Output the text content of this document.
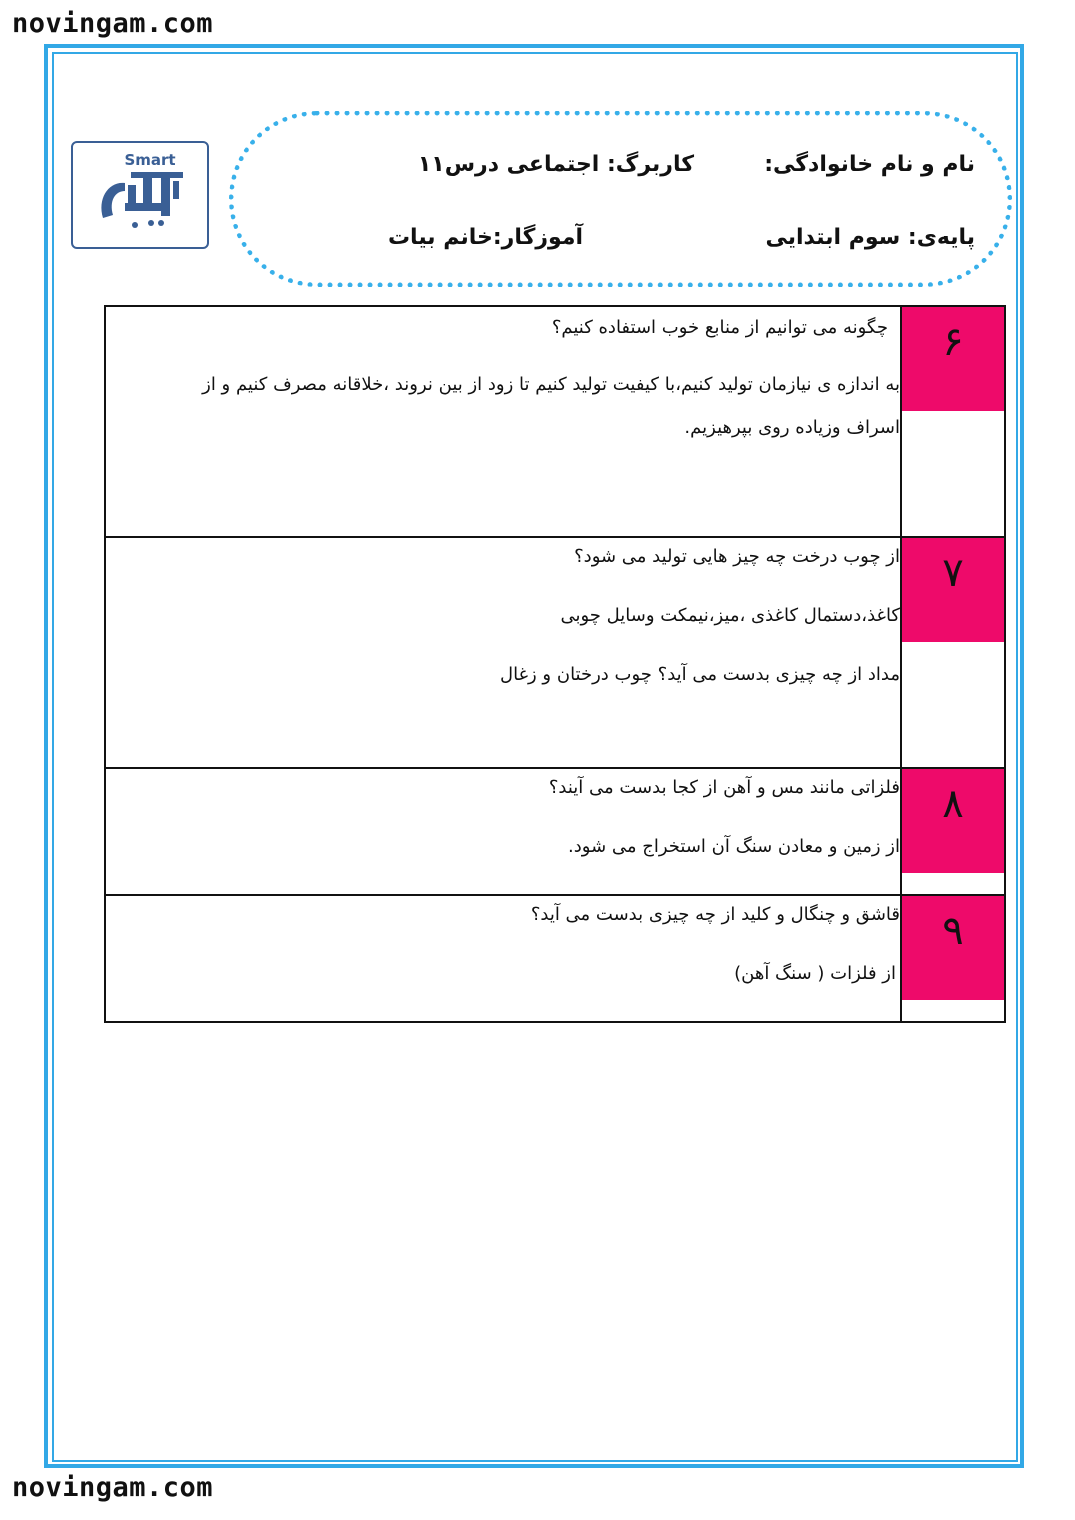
novingam.com
Smart	نام و نام خانوادگی:
کاربرگ: اجتماعی درس۱۱
پایه‌ی: سوم ابتدایی
آموزگار:خانم بیات
۶	چگونه می توانیم از منابع خوب استفاده کنیم؟
به اندازه ی نیازمان تولید کنیم،با کیفیت تولید کنیم تا زود از بین نروند ،خلاقانه مصرف کنیم و از
اسراف وزیاده روی بپرهیزیم.

۷	از چوب درخت چه چیز هایی تولید می شود؟
کاغذ،دستمال کاغذی ،میز،نیمکت وسایل چوبی
مداد از چه چیزی بدست می آید؟ چوب درختان و زغال

۸	فلزاتی مانند مس و آهن از کجا بدست می آیند؟
از زمین و معادن سنگ آن استخراج می شود.

۹	قاشق و چنگال و کلید از چه چیزی بدست می آید؟
از فلزات ( سنگ آهن)
novingam.com
